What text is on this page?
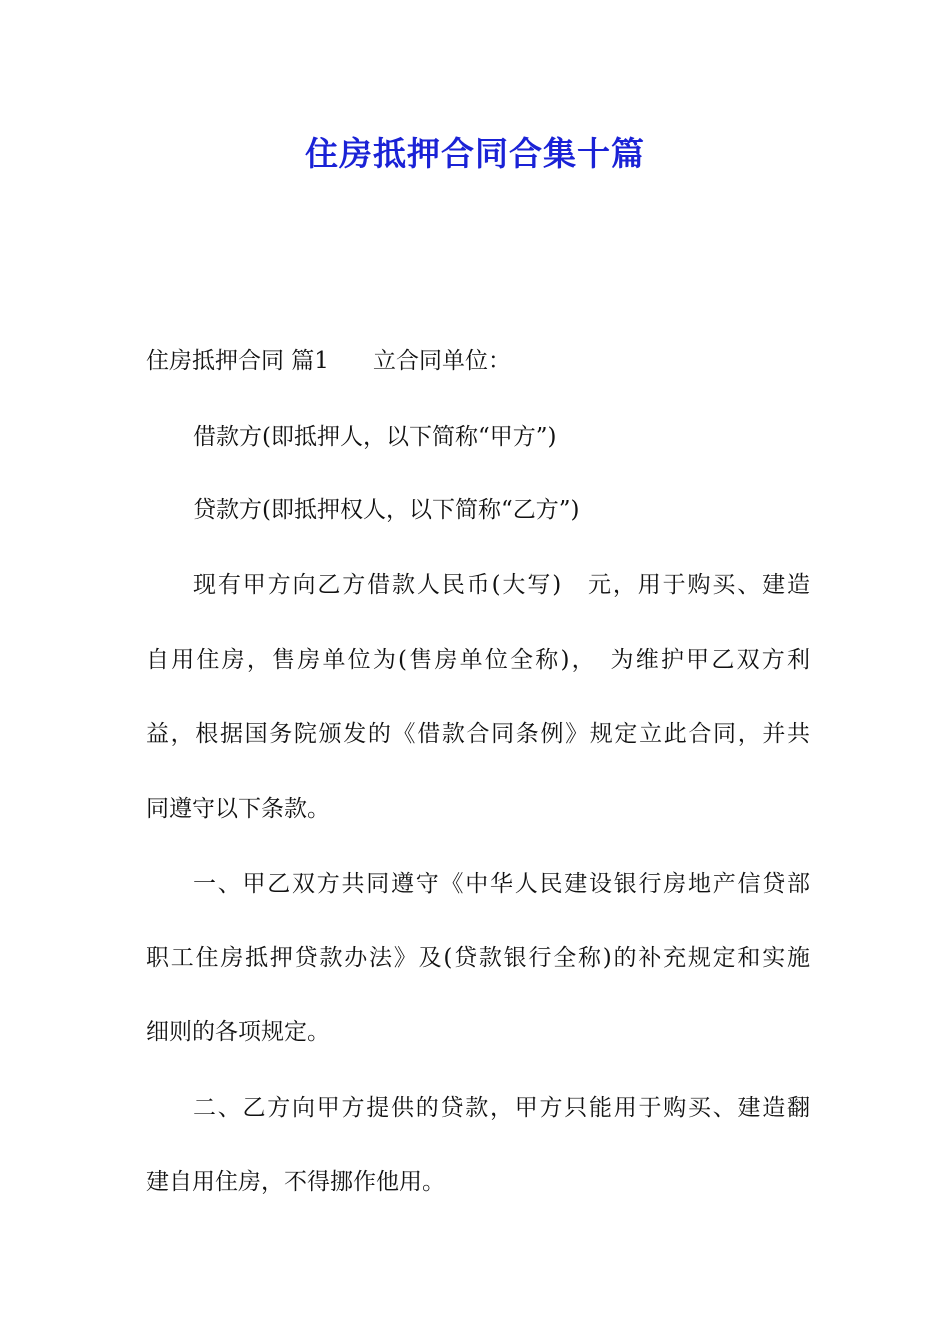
住房抵押合同合集十篇
住房抵押合同 篇1 立合同单位：
借款方(即抵押人，以下简称“甲方”)
贷款方(即抵押权人，以下简称“乙方”)
现有甲方向乙方借款人民币(大写)　元，用于购买、建造
自用住房，售房单位为(售房单位全称)，　为维护甲乙双方利
益，根据国务院颁发的《借款合同条例》规定立此合同，并共
同遵守以下条款。
一、甲乙双方共同遵守《中华人民建设银行房地产信贷部
职工住房抵押贷款办法》及(贷款银行全称)的补充规定和实施
细则的各项规定。
二、乙方向甲方提供的贷款，甲方只能用于购买、建造翻
建自用住房，不得挪作他用。
